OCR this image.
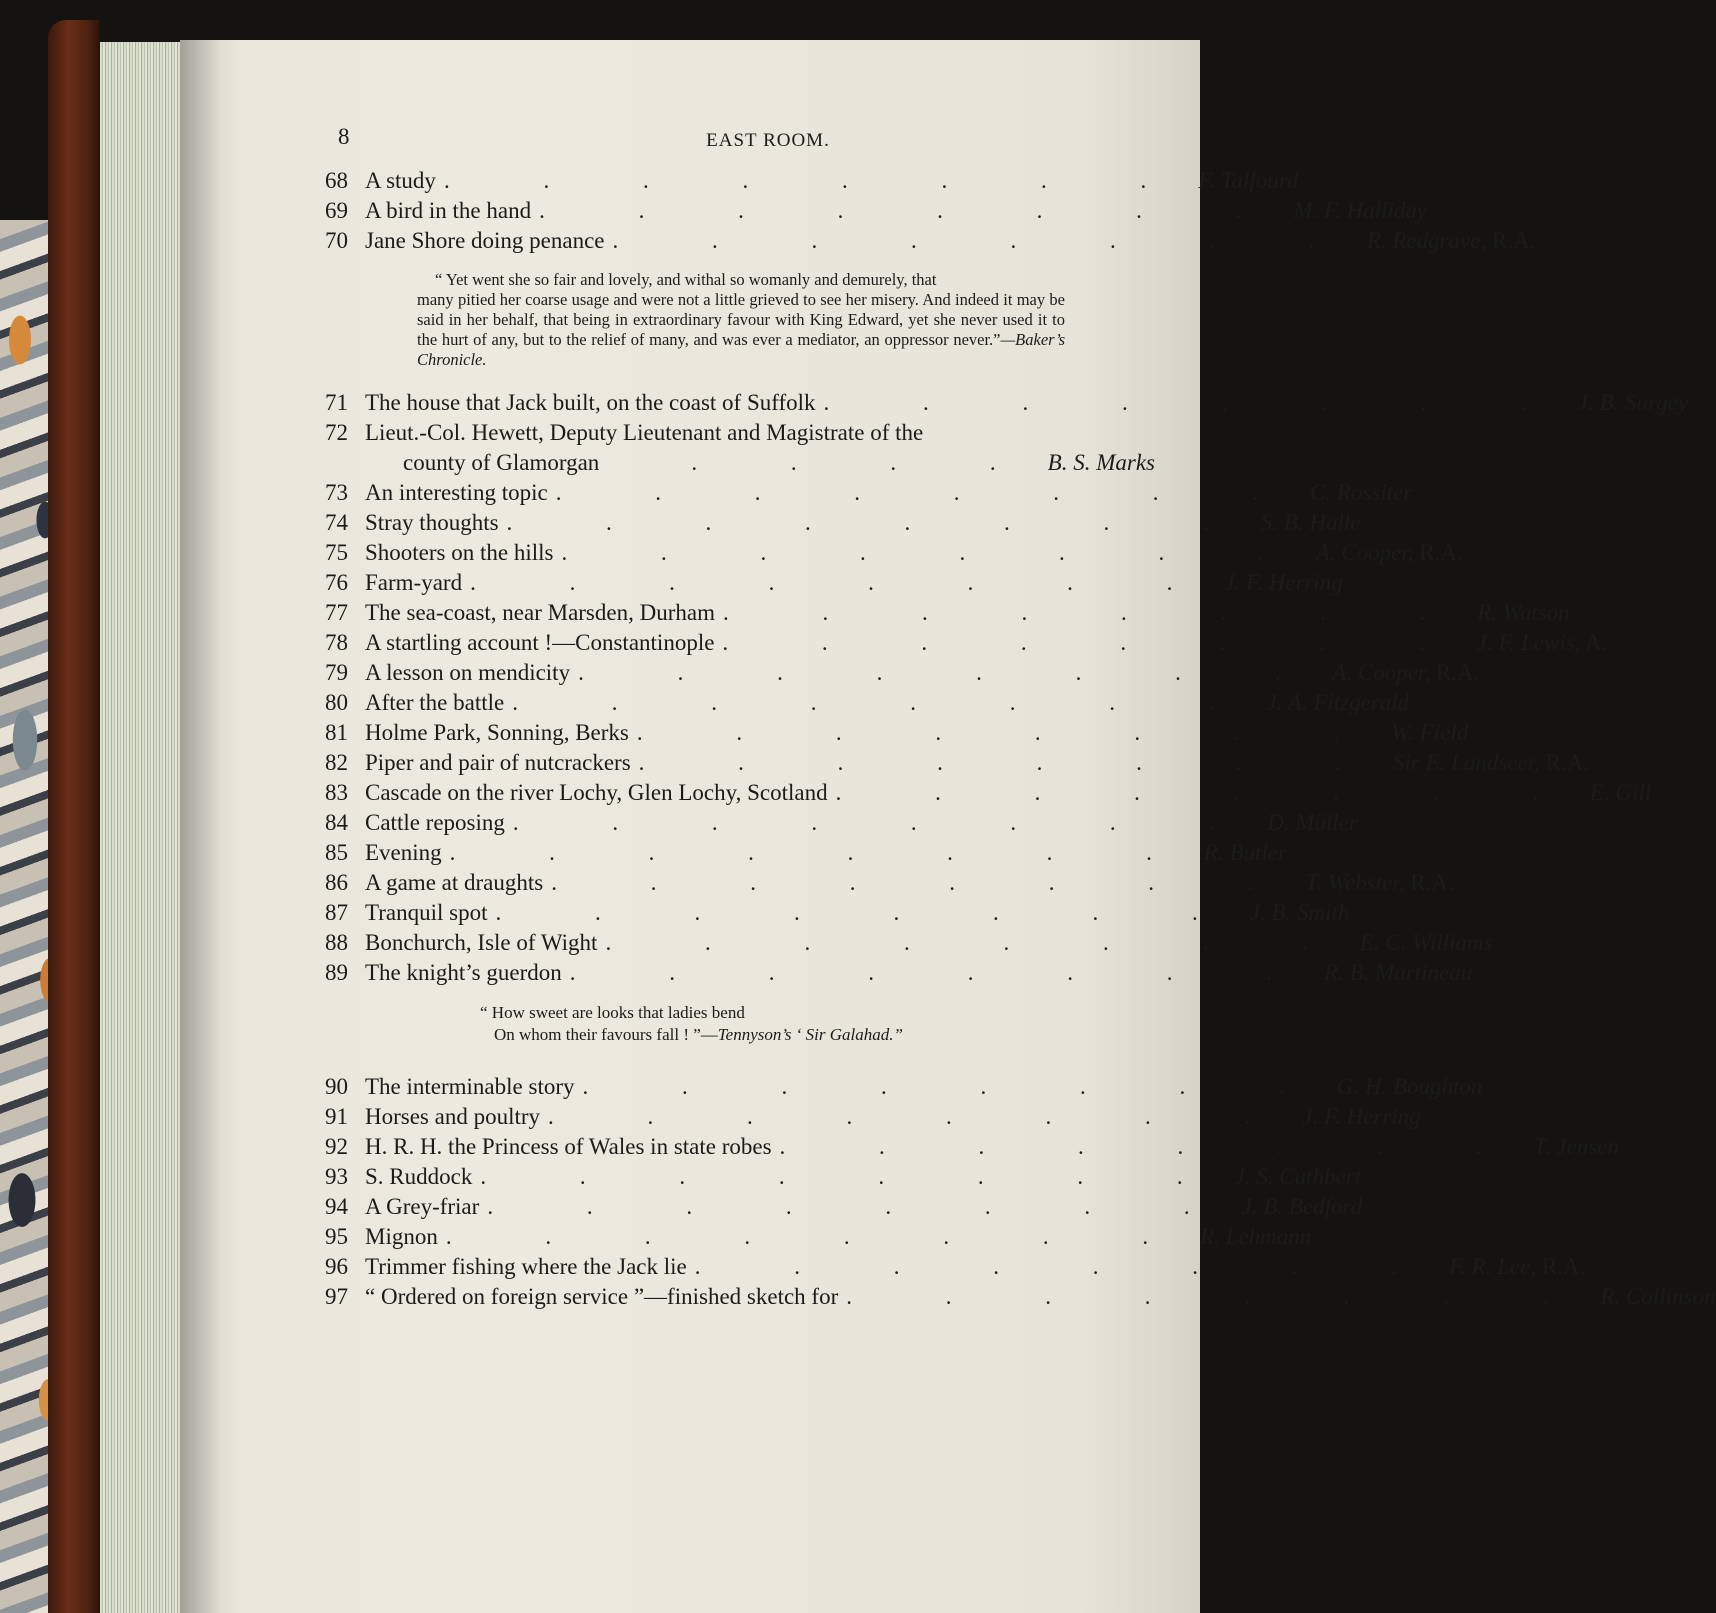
8	EAST ROOM.
68 A study . . . . . . . . F. Talfourd
69 A bird in the hand . . . . . . . . M. F. Halliday
70 Jane Shore doing penance . . . . . . . . R. Redgrave, R.A.
“ Yet went she so fair and lovely, and withal so womanly and demurely, that
many pitied her coarse usage and were not a little grieved to see her misery. And indeed it may be said in her behalf, that being in extraordinary favour with King Edward, yet she never used it to the hurt of any, but to the relief of many, and was ever a mediator, an oppressor never.”—Baker’s Chronicle.
71 The house that Jack built, on the coast of Suffolk . . . . . . . . J. B. Surgey
72 Lieut.-Col. Hewett, Deputy Lieutenant and Magistrate of the
county of Glamorgan	. . . . B. S. Marks
73 An interesting topic . . . . . . . . C. Rossiter
74 Stray thoughts . . . . . . . . S. B. Halle
75 Shooters on the hills . . . . . . . . A. Cooper, R.A.
76 Farm-yard . . . . . . . . J. F. Herring
77 The sea-coast, near Marsden, Durham . . . . . . . . R. Watson
78 A startling account !—Constantinople . . . . . . . . J. F. Lewis, A.
79 A lesson on mendicity . . . . . . . . A. Cooper, R.A.
80 After the battle . . . . . . . . J. A. Fitzgerald
81 Holme Park, Sonning, Berks . . . . . . . . W. Field
82 Piper and pair of nutcrackers . . . . . . . . Sir E. Landseer, R.A.
83 Cascade on the river Lochy, Glen Lochy, Scotland . . . . . . . . E. Gill
84 Cattle reposing . . . . . . . . D. Müller
85 Evening . . . . . . . . R. Butler
86 A game at draughts . . . . . . . . T. Webster, R.A.
87 Tranquil spot . . . . . . . . J. B. Smith
88 Bonchurch, Isle of Wight . . . . . . . . E. C. Williams
89 The knight’s guerdon . . . . . . . . R. B. Martineau
“ How sweet are looks that ladies bend
On whom their favours fall ! ”—Tennyson’s ‘ Sir Galahad.”
90 The interminable story . . . . . . . . G. H. Boughton
91 Horses and poultry . . . . . . . . J. F. Herring
92 H. R. H. the Princess of Wales in state robes . . . . . . . . T. Jensen
93 S. Ruddock . . . . . . . . J. S. Cuthbert
94 A Grey-friar . . . . . . . . J. B. Bedford
95 Mignon . . . . . . . . R. Lehmann
96 Trimmer fishing where the Jack lie . . . . . . . . F. R. Lee, R.A.
97 “ Ordered on foreign service ”—finished sketch for . . . . . . . . R. Collinson
